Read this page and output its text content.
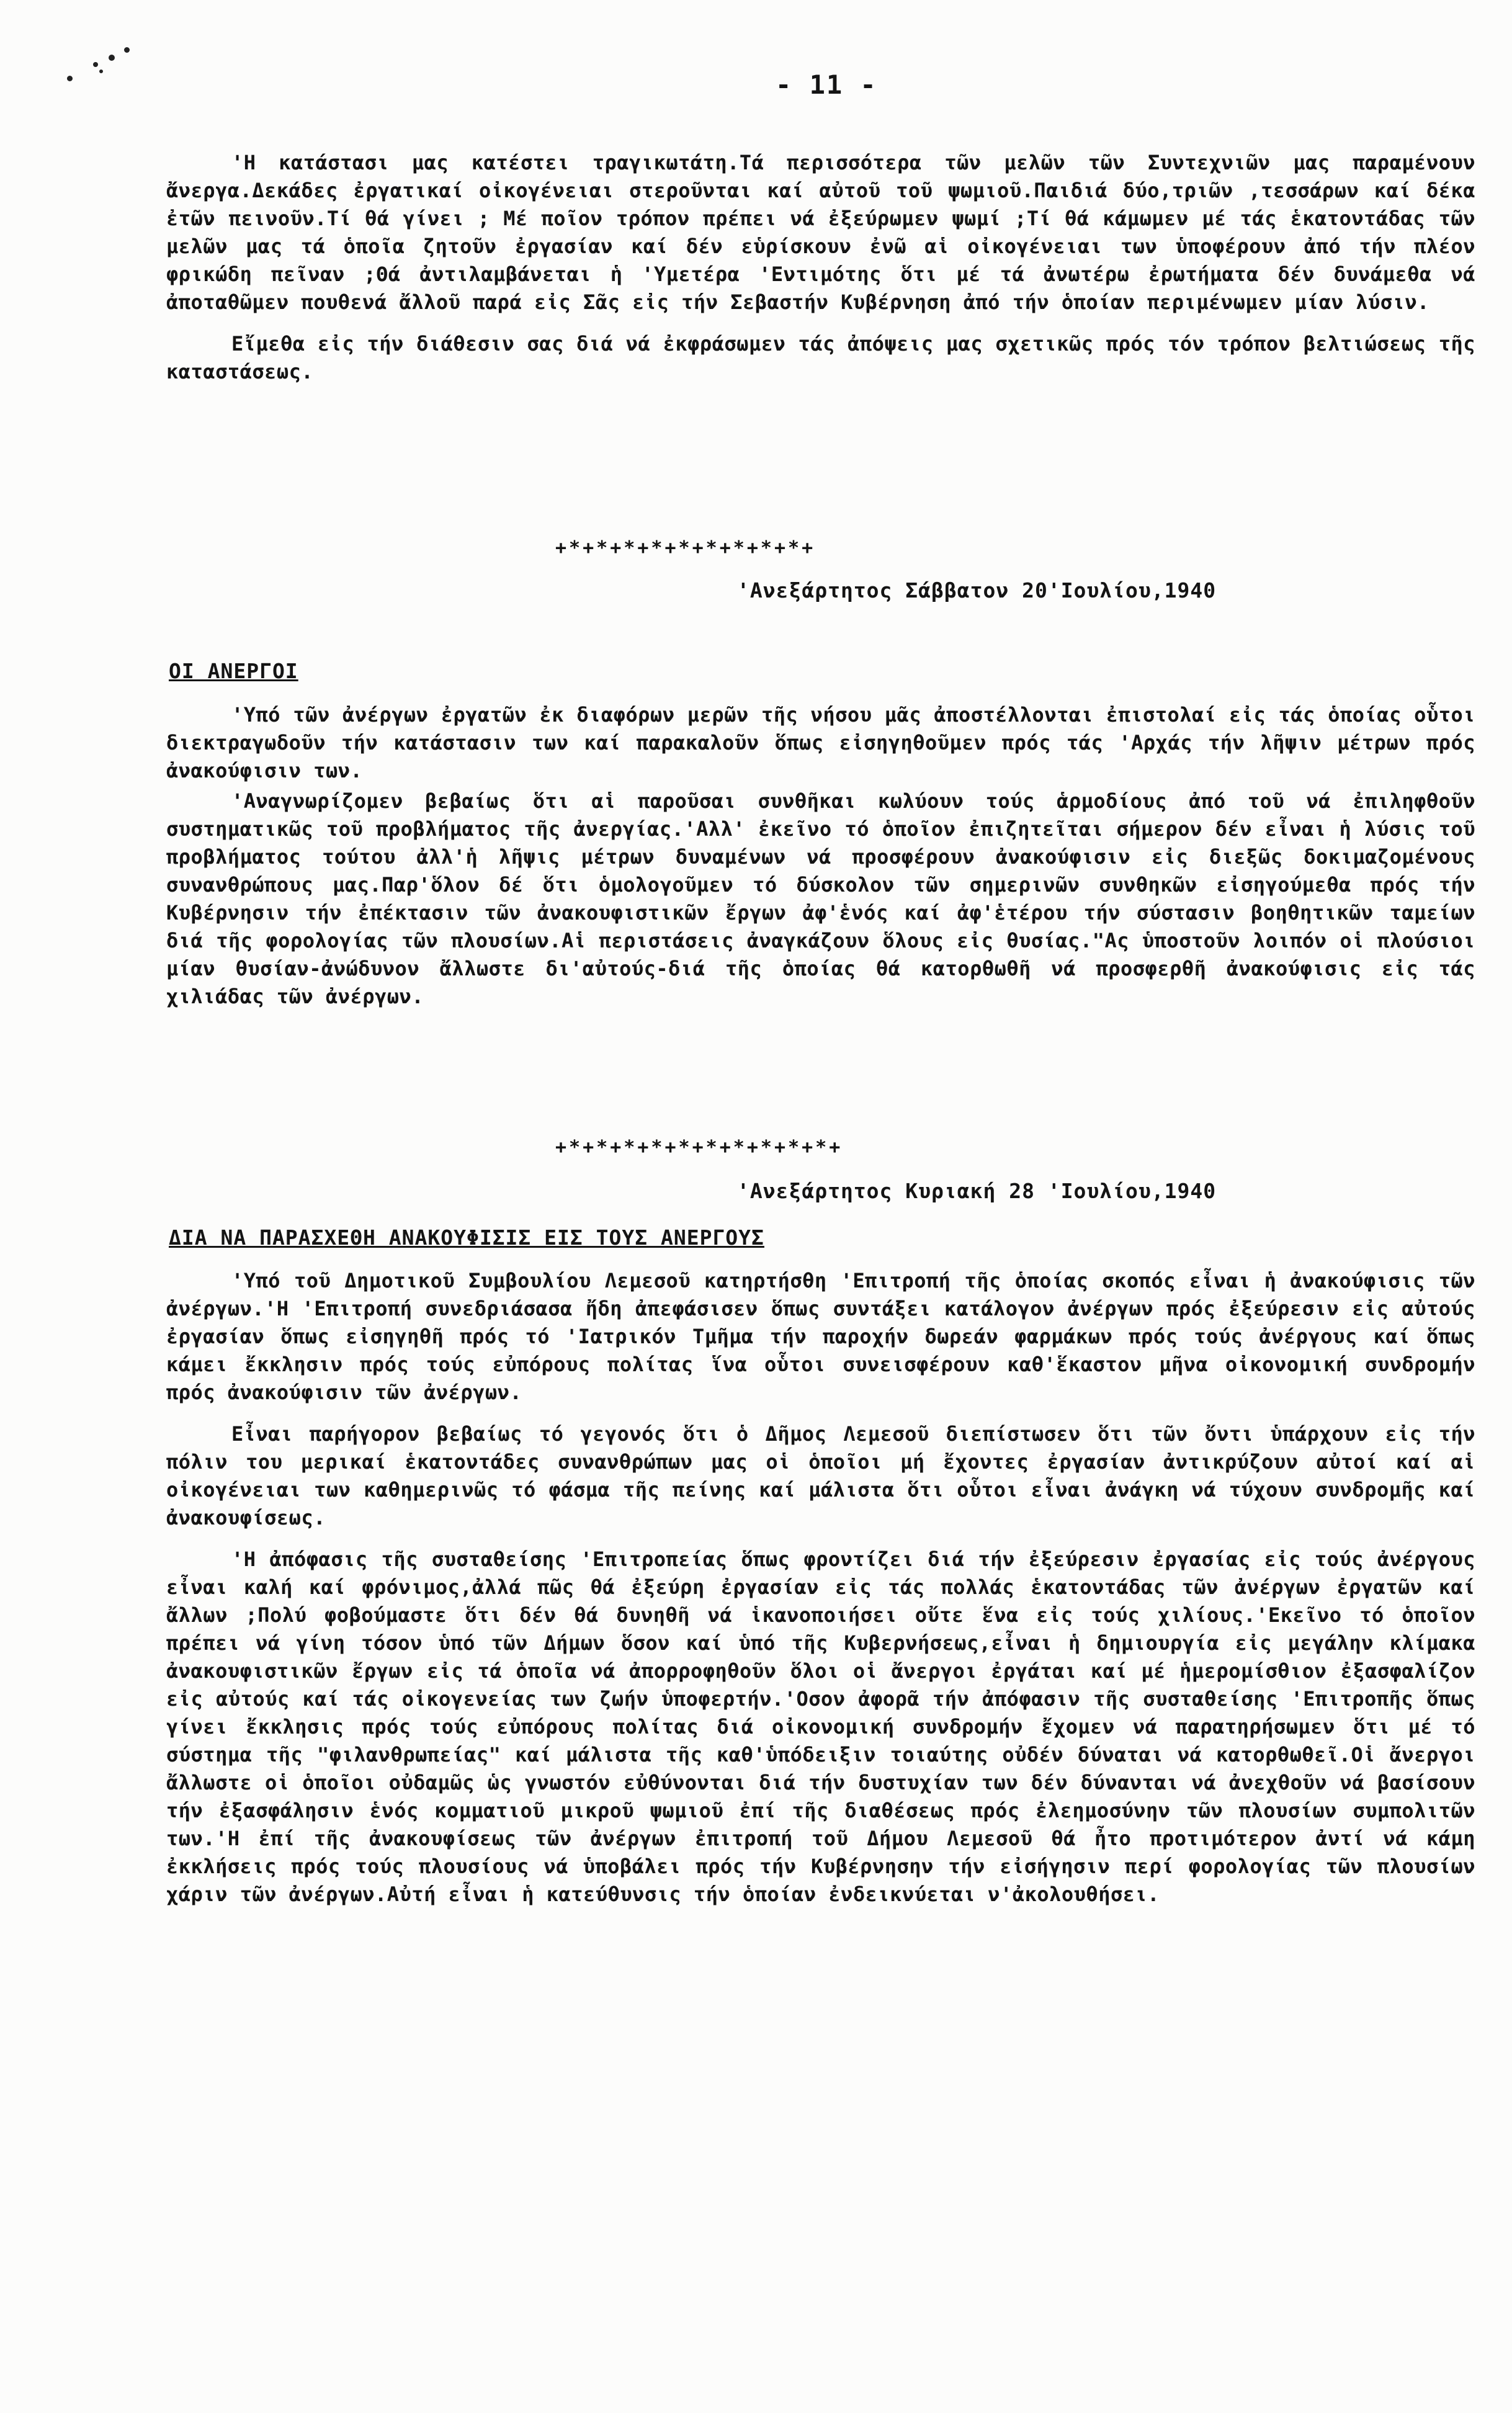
- 11 -

'Η κατάστασι μας κατέστει τραγικωτάτη.Τά περισσότερα τῶν μελῶν τῶν Συντεχνιῶν μας παραμένουν ἄνεργα.Δεκάδες ἐργατικαί οἰκογένειαι στεροῦνται καί αὐτοῦ τοῦ ψωμιοῦ.Παιδιά δύο,τριῶν ,τεσσάρων καί δέκα ἐτῶν πεινοῦν.Τί θά γίνει ; Μέ ποῖον τρόπον πρέπει νά ἐξεύρωμεν ψωμί ;Τί θά κάμωμεν μέ τάς ἑκατοντάδας τῶν μελῶν μας τά ὁποῖα ζητοῦν ἐργασίαν καί δέν εὑρίσκουν ἐνῶ αἱ οἰκογένειαι των ὑποφέρουν ἀπό τήν πλέον φρικώδη πεῖναν ;Θά ἀντιλαμβάνεται ἡ 'Υμετέρα 'Εντιμότης ὅτι μέ τά ἀνωτέρω ἐρωτήματα δέν δυνάμεθα νά ἀποταθῶμεν πουθενά ἄλλοῦ παρά εἰς Σᾶς εἰς τήν Σεβαστήν Κυβέρνηση ἀπό τήν ὁποίαν περιμένωμεν μίαν λύσιν.

Εἴμεθα εἰς τήν διάθεσιν σας διά νά ἐκφράσωμεν τάς ἀπόψεις μας σχετικῶς πρός τόν τρόπον βελτιώσεως τῆς καταστάσεως.

+*+*+*+*+*+*+*+*+*+
'Ανεξάρτητος Σάββατον 20'Ιουλίου,1940
ΟΙ ΑΝΕΡΓΟΙ

'Υπό τῶν ἀνέργων ἐργατῶν ἐκ διαφόρων μερῶν τῆς νήσου μᾶς ἀποστέλλονται ἐπιστολαί εἰς τάς ὁποίας οὗτοι διεκτραγωδοῦν τήν κατάστασιν των καί παρακαλοῦν ὅπως εἰσηγηθοῦμεν πρός τάς 'Αρχάς τήν λῆψιν μέτρων πρός ἀνακούφισιν των.

'Αναγνωρίζομεν βεβαίως ὅτι αἱ παροῦσαι συνθῆκαι κωλύουν τούς ἁρμοδίους ἀπό τοῦ νά ἐπιληφθοῦν συστηματικῶς τοῦ προβλήματος τῆς ἀνεργίας.'Αλλ' ἐκεῖνο τό ὁποῖον ἐπιζητεῖται σήμερον δέν εἶναι ἡ λύσις τοῦ προβλήματος τούτου ἀλλ'ἡ λῆψις μέτρων δυναμένων νά προσφέρουν ἀνακούφισιν εἰς διεξῶς δοκιμαζομένους συνανθρώπους μας.Παρ'ὅλον δέ ὅτι ὁμολογοῦμεν τό δύσκολον τῶν σημερινῶν συνθηκῶν εἰσηγούμεθα πρός τήν Κυβέρνησιν τήν ἐπέκτασιν τῶν ἀνακουφιστικῶν ἔργων ἀφ'ἑνός καί ἀφ'ἑτέρου τήν σύστασιν βοηθητικῶν ταμείων διά τῆς φορολογίας τῶν πλουσίων.Αἱ περιστάσεις ἀναγκάζουν ὅλους εἰς θυσίας."Ας ὑποστοῦν λοιπόν οἱ πλούσιοι μίαν θυσίαν-ἀνώδυνον ἄλλωστε δι'αὐτούς-διά τῆς ὁποίας θά κατορθωθῆ νά προσφερθῆ ἀνακούφισις εἰς τάς χιλιάδας τῶν ἀνέργων.

+*+*+*+*+*+*+*+*+*+*+
'Ανεξάρτητος Κυριακή 28 'Ιουλίου,1940
ΔΙΑ ΝΑ ΠΑΡΑΣΧΕΘΗ ΑΝΑΚΟΥΦΙΣΙΣ ΕΙΣ ΤΟΥΣ ΑΝΕΡΓΟΥΣ

'Υπό τοῦ Δημοτικοῦ Συμβουλίου Λεμεσοῦ κατηρτήσθη 'Επιτροπή τῆς ὁποίας σκοπός εἶναι ἡ ἀνακούφισις τῶν ἀνέργων.'Η 'Επιτροπή συνεδριάσασα ἤδη ἀπεφάσισεν ὅπως συντάξει κατάλογον ἀνέργων πρός ἐξεύρεσιν εἰς αὐτούς ἐργασίαν ὅπως εἰσηγηθῆ πρός τό 'Ιατρικόν Τμῆμα τήν παροχήν δωρεάν φαρμάκων πρός τούς ἀνέργους καί ὅπως κάμει ἔκκλησιν πρός τούς εὐπόρους πολίτας ἵνα οὗτοι συνεισφέρουν καθ'ἕκαστον μῆνα οἰκονομική συνδρομήν πρός ἀνακούφισιν τῶν ἀνέργων.

Εἶναι παρήγορον βεβαίως τό γεγονός ὅτι ὁ Δῆμος Λεμεσοῦ διεπίστωσεν ὅτι τῶν ὄντι ὑπάρχουν εἰς τήν πόλιν του μερικαί ἑκατοντάδες συνανθρώπων μας οἱ ὁποῖοι μή ἔχοντες ἐργασίαν ἀντικρύζουν αὐτοί καί αἱ οἰκογένειαι των καθημερινῶς τό φάσμα τῆς πείνης καί μάλιστα ὅτι οὗτοι εἶναι ἀνάγκη νά τύχουν συνδρομῆς καί ἀνακουφίσεως.

'Η ἀπόφασις τῆς συσταθείσης 'Επιτροπείας ὅπως φροντίζει διά τήν ἐξεύρεσιν ἐργασίας εἰς τούς ἀνέργους εἶναι καλή καί φρόνιμος,ἀλλά πῶς θά ἐξεύρη ἐργασίαν εἰς τάς πολλάς ἑκατοντάδας τῶν ἀνέργων ἐργατῶν καί ἄλλων ;Πολύ φοβούμαστε ὅτι δέν θά δυνηθῆ νά ἱκανοποιήσει οὔτε ἕνα εἰς τούς χιλίους.'Εκεῖνο τό ὁποῖον πρέπει νά γίνη τόσον ὑπό τῶν Δήμων ὅσον καί ὑπό τῆς Κυβερνήσεως,εἶναι ἡ δημιουργία εἰς μεγάλην κλίμακα ἀνακουφιστικῶν ἔργων εἰς τά ὁποῖα νά ἀπορροφηθοῦν ὅλοι οἱ ἄνεργοι ἐργάται καί μέ ἡμερομίσθιον ἐξασφαλίζον εἰς αὐτούς καί τάς οἰκογενείας των ζωήν ὑποφερτήν.'Οσον ἀφορᾶ τήν ἀπόφασιν τῆς συσταθείσης 'Επιτροπῆς ὅπως γίνει ἔκκλησις πρός τούς εὐπόρους πολίτας διά οἰκονομική συνδρομήν ἔχομεν νά παρατηρήσωμεν ὅτι μέ τό σύστημα τῆς "φιλανθρωπείας" καί μάλιστα τῆς καθ'ὑπόδειξιν τοιαύτης οὐδέν δύναται νά κατορθωθεῖ.Οἱ ἄνεργοι ἄλλωστε οἱ ὁποῖοι οὐδαμῶς ὡς γνωστόν εὐθύνονται διά τήν δυστυχίαν των δέν δύνανται νά ἀνεχθοῦν νά βασίσουν τήν ἐξασφάλησιν ἑνός κομματιοῦ μικροῦ ψωμιοῦ ἐπί τῆς διαθέσεως πρός ἐλεημοσύνην τῶν πλουσίων συμπολιτῶν των.'Η ἐπί τῆς ἀνακουφίσεως τῶν ἀνέργων ἐπιτροπή τοῦ Δήμου Λεμεσοῦ θά ἦτο προτιμότερον ἀντί νά κάμη ἐκκλήσεις πρός τούς πλουσίους νά ὑποβάλει πρός τήν Κυβέρνησην τήν εἰσήγησιν περί φορολογίας τῶν πλουσίων χάριν τῶν ἀνέργων.Αὐτή εἶναι ἡ κατεύθυνσις τήν ὁποίαν ἐνδεικνύεται ν'ἀκολουθήσει.
